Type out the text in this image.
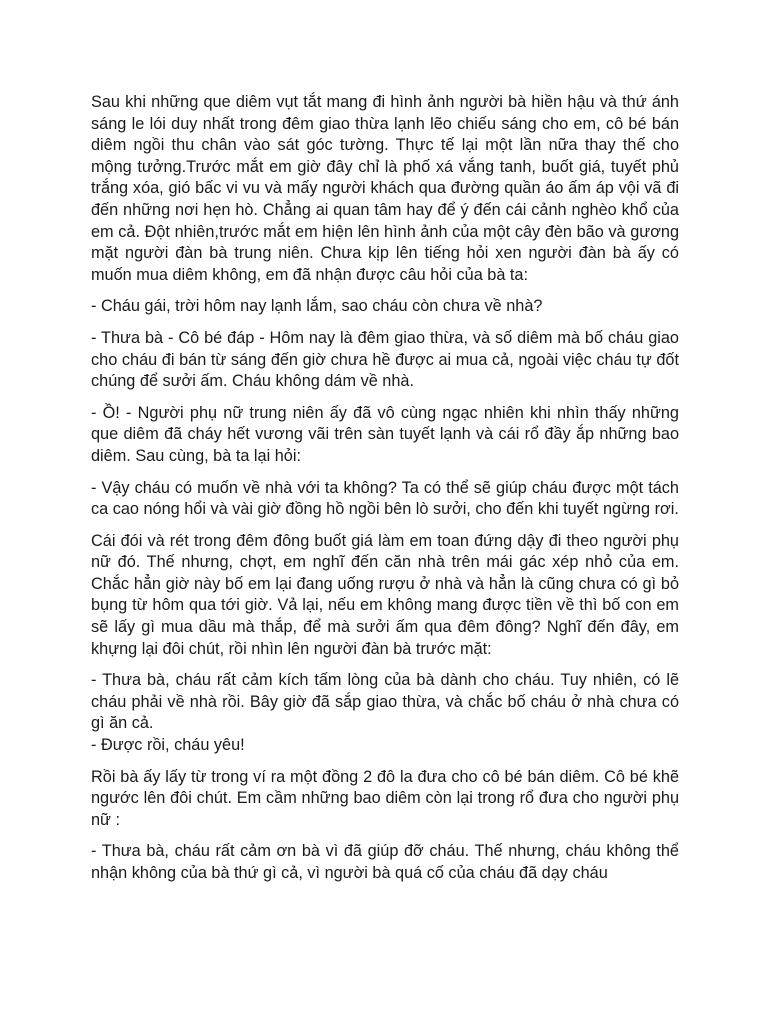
Sau khi những que diêm vụt tắt mang đi hình ảnh người bà hiền hậu và thứ ánh sáng le lói duy nhất trong đêm giao thừa lạnh lẽo chiếu sáng cho em, cô bé bán diêm ngồi thu chân vào sát góc tường. Thực tế lại một lần nữa thay thế cho mộng tưởng.Trước mắt em giờ đây chỉ là phố xá vắng tanh, buốt giá, tuyết phủ trắng xóa, gió bấc vi vu và mấy người khách qua đường quần áo ấm áp vội vã đi đến những nơi hẹn hò. Chẳng ai quan tâm hay để ý đến cái cảnh nghèo khổ của em cả. Đột nhiên,trước mắt em hiện lên hình ảnh của một cây đèn bão và gương mặt người đàn bà trung niên. Chưa kịp lên tiếng hỏi xen người đàn bà ấy có muốn mua diêm không, em đã nhận được câu hỏi của bà ta:

- Cháu gái, trời hôm nay lạnh lắm, sao cháu còn chưa về nhà?

- Thưa bà - Cô bé đáp - Hôm nay là đêm giao thừa, và số diêm mà bố cháu giao cho cháu đi bán từ sáng đến giờ chưa hề được ai mua cả, ngoài việc cháu tự đốt chúng để sưởi ấm. Cháu không dám về nhà.

- Ồ! - Người phụ nữ trung niên ấy đã vô cùng ngạc nhiên khi nhìn thấy những que diêm đã cháy hết vương vãi trên sàn tuyết lạnh và cái rổ đầy ắp những bao diêm. Sau cùng, bà ta lại hỏi:

- Vậy cháu có muốn về nhà với ta không? Ta có thể sẽ giúp cháu được một tách ca cao nóng hổi và vài giờ đồng hồ ngồi bên lò sưởi, cho đến khi tuyết ngừng rơi.

Cái đói và rét trong đêm đông buốt giá làm em toan đứng dậy đi theo người phụ nữ đó. Thế nhưng, chợt, em nghĩ đến căn nhà trên mái gác xép nhỏ của em. Chắc hẳn giờ này bố em lại đang uống rượu ở nhà và hẳn là cũng chưa có gì bỏ bụng từ hôm qua tới giờ. Vả lại, nếu em không mang được tiền về thì bố con em sẽ lấy gì mua dầu mà thắp, để mà sưởi ấm qua đêm đông? Nghĩ đến đây, em khựng lại đôi chút, rồi nhìn lên người đàn bà trước mặt:

- Thưa bà, cháu rất cảm kích tấm lòng của bà dành cho cháu. Tuy nhiên, có lẽ cháu phải về nhà rồi. Bây giờ đã sắp giao thừa, và chắc bố cháu ở nhà chưa có gì ăn cả.
- Được rồi, cháu yêu!

Rồi bà ấy lấy từ trong ví ra một đồng 2 đô la đưa cho cô bé bán diêm. Cô bé khẽ ngước lên đôi chút. Em cầm những bao diêm còn lại trong rổ đưa cho người phụ nữ :

- Thưa bà, cháu rất cảm ơn bà vì đã giúp đỡ cháu. Thế nhưng, cháu không thể nhận không của bà thứ gì cả, vì người bà quá cố của cháu đã dạy cháu
